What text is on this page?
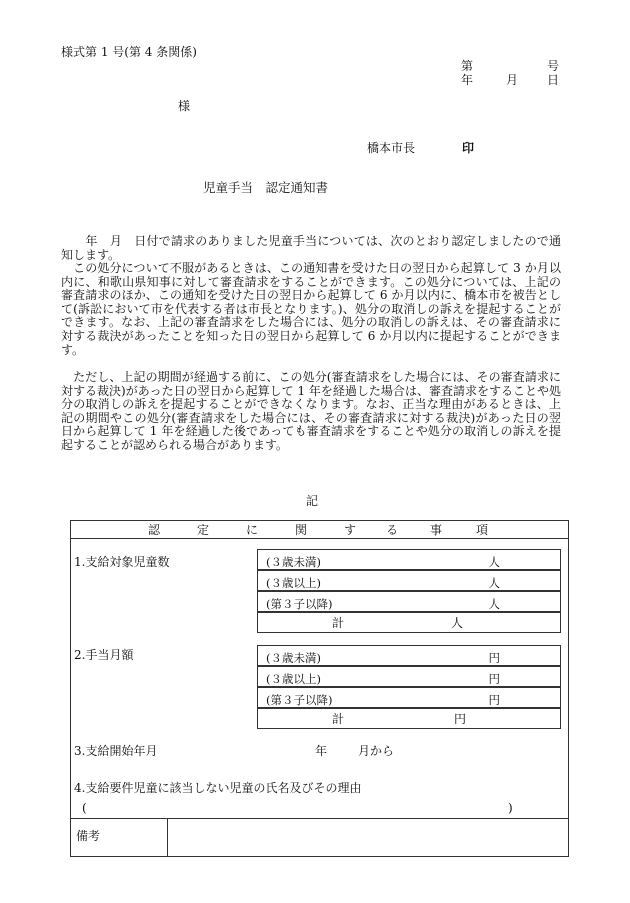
様式第 1 号(第 4 条関係)
第	号
年	月 日
様
橋本市長	印
児童手当　認定通知書
　　年　月　日付で請求のありました児童手当については、次のとおり認定しましたので通知します。
　この処分について不服があるときは、この通知書を受けた日の翌日から起算して 3 か月以内に、和歌山県知事に対して審査請求をすることができます。この処分については、上記の審査請求のほか、この通知を受けた日の翌日から起算して 6 か月以内に、橋本市を被告として(訴訟において市を代表する者は市長となります。)、処分の取消しの訴えを提起することができます。なお、上記の審査請求をした場合には、処分の取消しの訴えは、その審査請求に対する裁決があったことを知った日の翌日から起算して 6 か月以内に提起することができます。
　ただし、上記の期間が経過する前に、この処分(審査請求をした場合には、その審査請求に対する裁決)があった日の翌日から起算して 1 年を経過した場合は、審査請求をすることや処分の取消しの訴えを提起することができなくなります。なお、正当な理由があるときは、上記の期間やこの処分(審査請求をした場合には、その審査請求に対する裁決)があった日の翌日から起算して 1 年を経過した後であっても審査請求をすることや処分の取消しの訴えを提起することが認められる場合があります。
記
認	定	に	関	す る	事	項
1.支給対象児童数	(３歳未満)	人
(３歳以上)	人
(第３子以降)	人
計	人
2.手当月額	(３歳未満)	円
(３歳以上)	円
(第３子以降)	円
計	円
3.支給開始年月	年	月から
4.支給要件児童に該当しない児童の氏名及びその理由
(	)
備考
